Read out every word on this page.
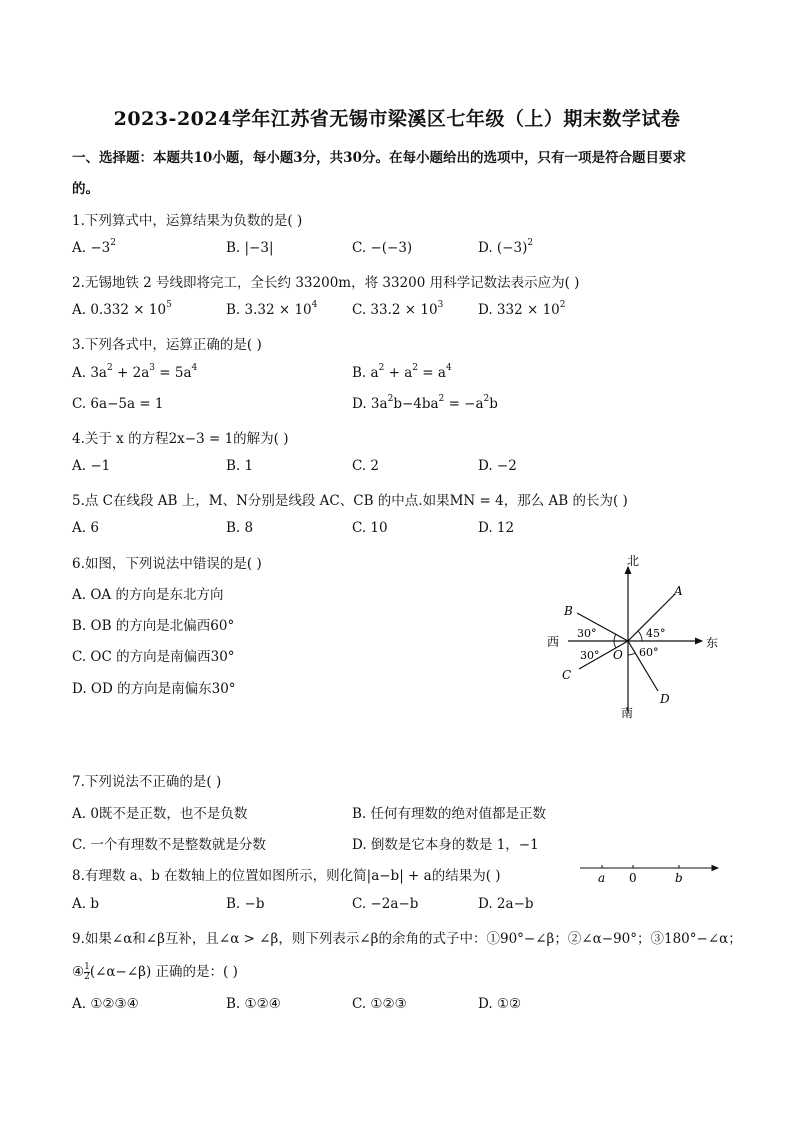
2023-2024学年江苏省无锡市梁溪区七年级（上）期末数学试卷
一、选择题：本题共10小题，每小题3分，共30分。在每小题给出的选项中，只有一项是符合题目要求
的。
1.下列算式中，运算结果为负数的是( )
A. $-3^2$	B. |−3|	C. −(−3)	D. $(-3)^2$
2.无锡地铁 2 号线即将完工，全长约 33200m，将 33200 用科学记数法表示应为( )
A. $0.332 \times 10^5$	B. $3.32 \times 10^4$	C. $33.2 \times 10^3$	D. $332 \times 10^2$
3.下列各式中，运算正确的是( )
A. $3a^2 + 2a^3 = 5a^4$	B. $a^2 + a^2 = a^4$
C. 6a−5a = 1	D. $3a^2b-4ba^2 = -a^2b$
4.关于 x 的方程2x−3 = 1的解为( )
A. −1	B. 1	C. 2	D. −2
5.点 C在线段 AB 上，M、N分别是线段 AC、CB 的中点.如果MN = 4，那么 AB 的长为( )
A. 6	B. 8	C. 10	D. 12
6.如图，下列说法中错误的是( )
A. OA 的方向是东北方向
B. OB 的方向是北偏西60°
C. OC 的方向是南偏西30°
D. OD 的方向是南偏东30°
北
南
西	东
A
B
C
D
O
30°
30°
45°
60°
7.下列说法不正确的是( )
A. 0既不是正数，也不是负数	B. 任何有理数的绝对值都是正数
C. 一个有理数不是整数就是分数	D. 倒数是它本身的数是 1，−1
8.有理数 a、b 在数轴上的位置如图所示，则化简|a−b| + a的结果为( )	a 0	b
A. b	B. −b	C. −2a−b	D. 2a−b
9.如果∠α和∠β互补，且∠α > ∠β，则下列表示∠β的余角的式子中：①90°−∠β；②∠α−90°；③180°−∠α；
④ $\frac{1}{2}$ (∠α−∠β) 正确的是：( )
A. ①②③④	B. ①②④	C. ①②③	D. ①②
